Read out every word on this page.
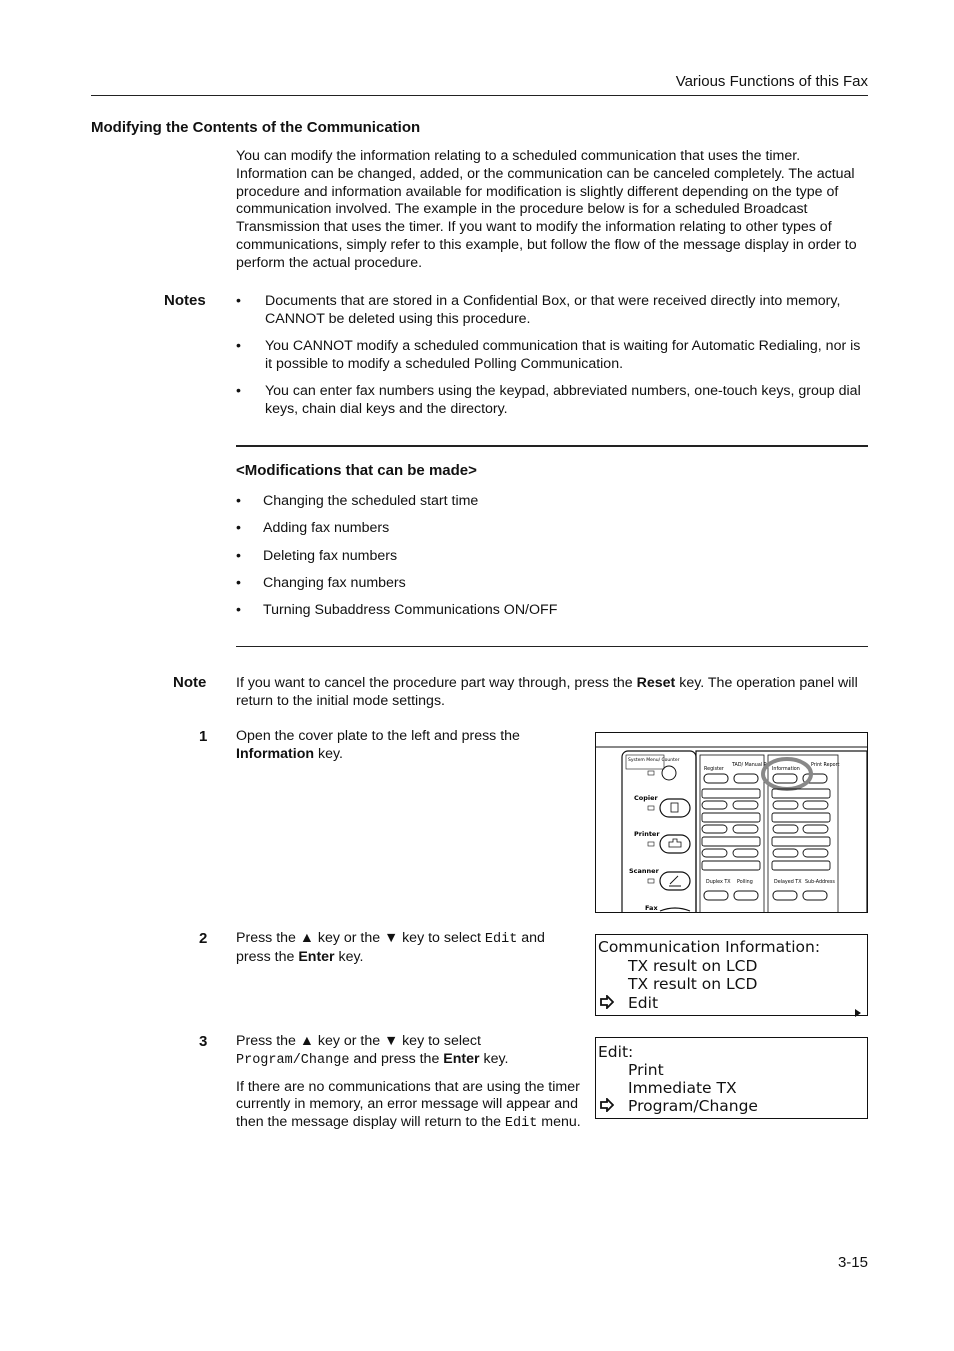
Various Functions of this Fax
Modifying the Contents of the Communication
You can modify the information relating to a scheduled communication that uses the timer.
Information can be changed, added, or the communication can be canceled completely. The actual
procedure and information available for modification is slightly different depending on the type of
communication involved. The example in the procedure below is for a scheduled Broadcast
Transmission that uses the timer. If you want to modify the information relating to other types of
communications, simply refer to this example, but follow the flow of the message display in order to
perform the actual procedure.
Notes • Documents that are stored in a Confidential Box, or that were received directly into memory,
CANNOT be deleted using this procedure.
• You CANNOT modify a scheduled communication that is waiting for Automatic Redialing, nor is
it possible to modify a scheduled Polling Communication.
• You can enter fax numbers using the keypad, abbreviated numbers, one-touch keys, group dial
keys, chain dial keys and the directory.
<Modifications that can be made>
• Changing the scheduled start time
• Adding fax numbers
• Deleting fax numbers
• Changing fax numbers
• Turning Subaddress Communications ON/OFF
Note If you want to cancel the procedure part way through, press the Reset key. The operation panel will
return to the initial mode settings.
1 Open the cover plate to the left and press the
Information key.	System Menu/ Counter
Copier
Printer
Scanner
Fax
Register
TAD/ Manual Rx
Information
Print Report
Duplex TX Polling	Delayed TX Sub-Address
2 Press the ▲ key or the ▼ key to select Edit and
press the Enter key.
Communication Information:
TX result on LCD
TX result on LCD
Edit
3 Press the ▲ key or the ▼ key to select
Program/Change and press the Enter key.
If there are no communications that are using the timer
currently in memory, an error message will appear and
then the message display will return to the Edit menu.
Edit:
Print
Immediate TX
Program/Change
3-15
